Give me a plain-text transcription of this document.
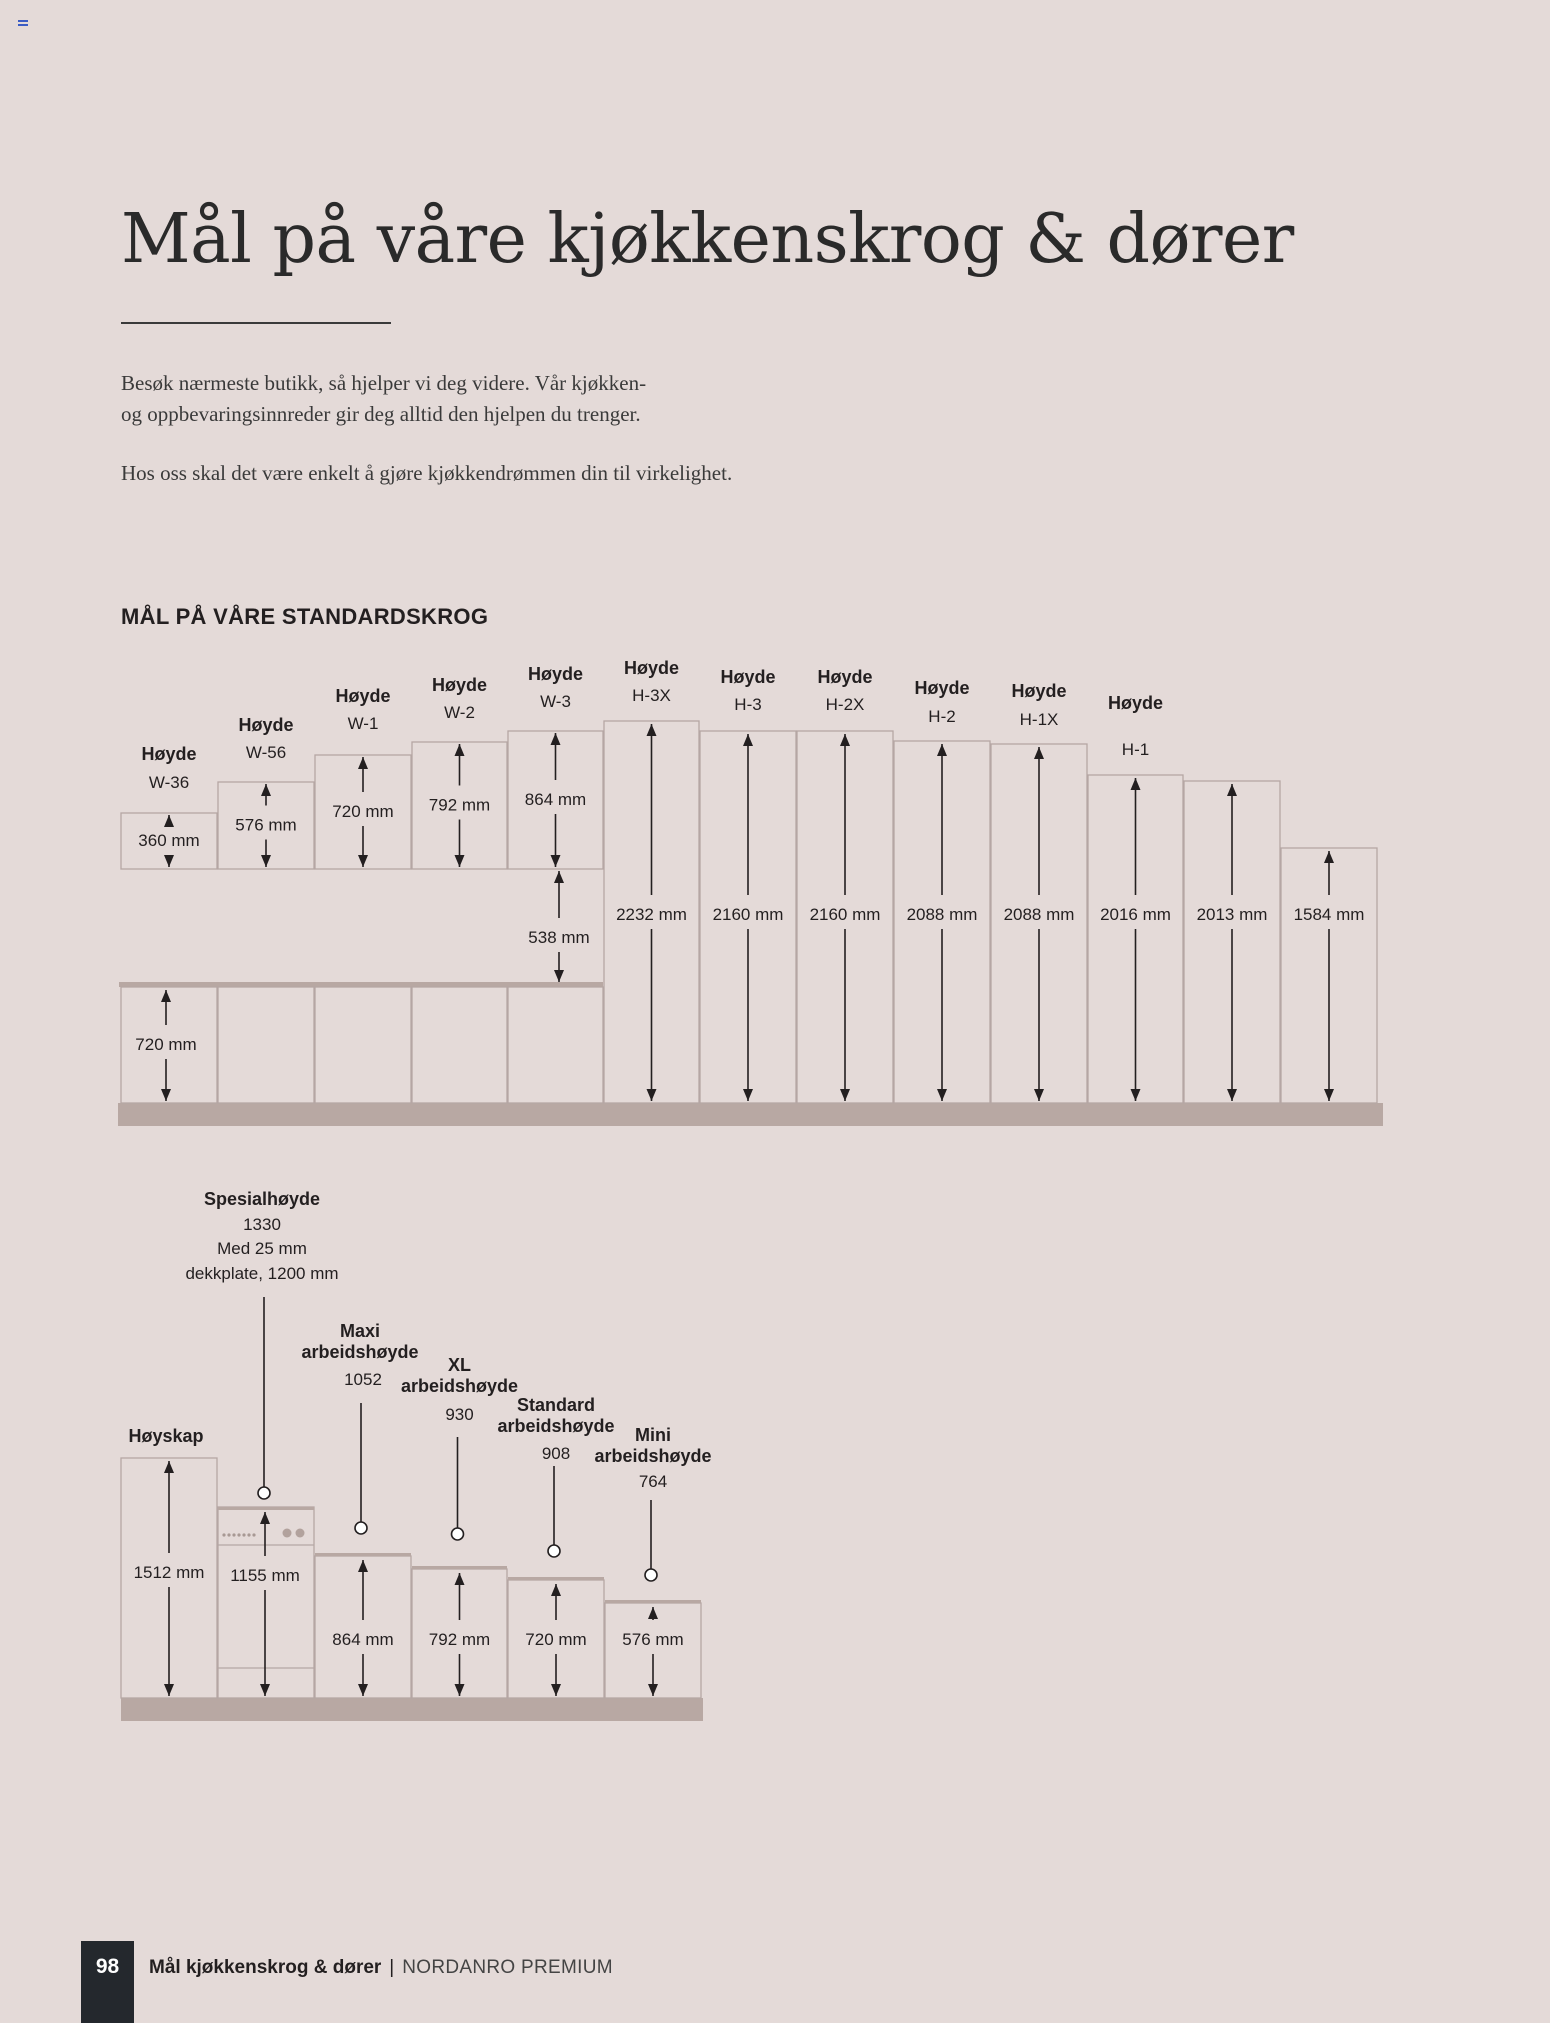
Mål på våre kjøkkenskrog & dører

Besøk nærmeste butikk, så hjelper vi deg videre. Vår kjøkken-
og oppbevaringsinnreder gir deg alltid den hjelpen du trenger.

Hos oss skal det være enkelt å gjøre kjøkkendrømmen din til virkelighet.

MÅL PÅ VÅRE STANDARDSKROG
Høyde
W-36
360 mm
Høyde
W-56
576 mm
Høyde
W-1
720 mm
Høyde
W-2
792 mm
Høyde
W-3
864 mm
720 mm
538 mm
Høyde
H-3X
2232 mm
Høyde
H-3
2160 mm
Høyde
H-2X
2160 mm
Høyde
H-2
2088 mm
Høyde
H-1X
2088 mm
Høyde
H-1
2016 mm 2013 mm 1584 mm
Høyskap
1512 mm 1155 mm
Spesialhøyde
1330
Med 25 mm
dekkplate, 1200 mm
Maxi
arbeidshøyde
1052
864 mm
XL
arbeidshøyde
930
792 mm
Standard
arbeidshøyde
908
720 mm
Mini
arbeidshøyde
764
576 mm
98	Mål kjøkkenskrog & dører | NORDANRO PREMIUM
